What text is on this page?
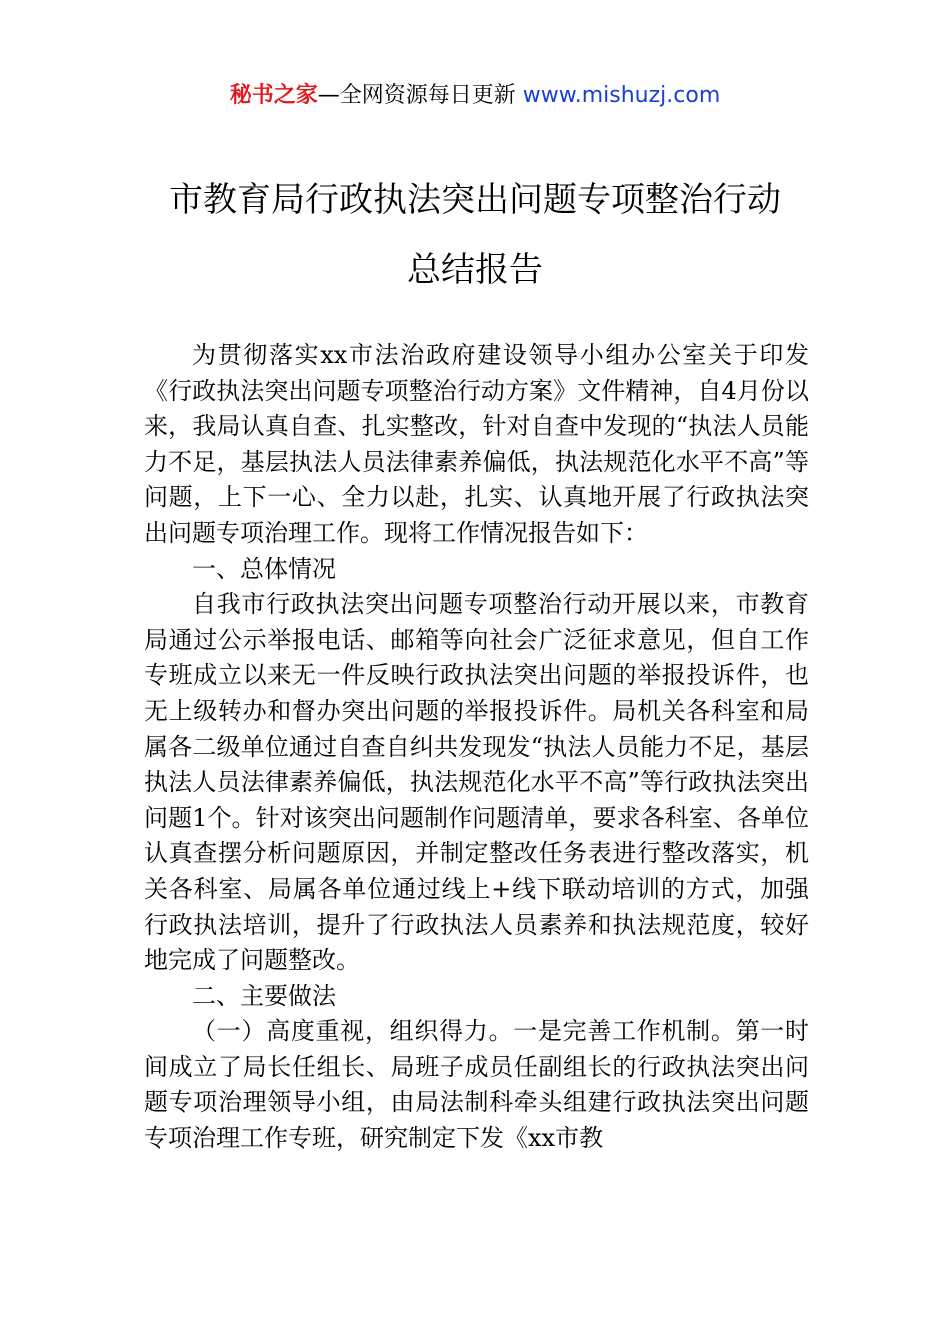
秘书之家—全网资源每日更新 www.mishuzj.com
市教育局行政执法突出问题专项整治行动
总结报告

为贯彻落实xx市法治政府建设领导小组办公室关于印发《行政执法突出问题专项整治行动方案》文件精神，自4月份以来，我局认真自查、扎实整改，针对自查中发现的“执法人员能力不足，基层执法人员法律素养偏低，执法规范化水平不高”等问题，上下一心、全力以赴，扎实、认真地开展了行政执法突出问题专项治理工作。现将工作情况报告如下：

一、总体情况

自我市行政执法突出问题专项整治行动开展以来，市教育局通过公示举报电话、邮箱等向社会广泛征求意见，但自工作专班成立以来无一件反映行政执法突出问题的举报投诉件，也无上级转办和督办突出问题的举报投诉件。局机关各科室和局属各二级单位通过自查自纠共发现发“执法人员能力不足，基层执法人员法律素养偏低，执法规范化水平不高”等行政执法突出问题1个。针对该突出问题制作问题清单，要求各科室、各单位认真查摆分析问题原因，并制定整改任务表进行整改落实，机关各科室、局属各单位通过线上+线下联动培训的方式，加强行政执法培训，提升了行政执法人员素养和执法规范度，较好地完成了问题整改。

二、主要做法

（一）高度重视，组织得力。一是完善工作机制。第一时间成立了局长任组长、局班子成员任副组长的行政执法突出问题专项治理领导小组，由局法制科牵头组建行政执法突出问题专项治理工作专班，研究制定下发《xx市教
